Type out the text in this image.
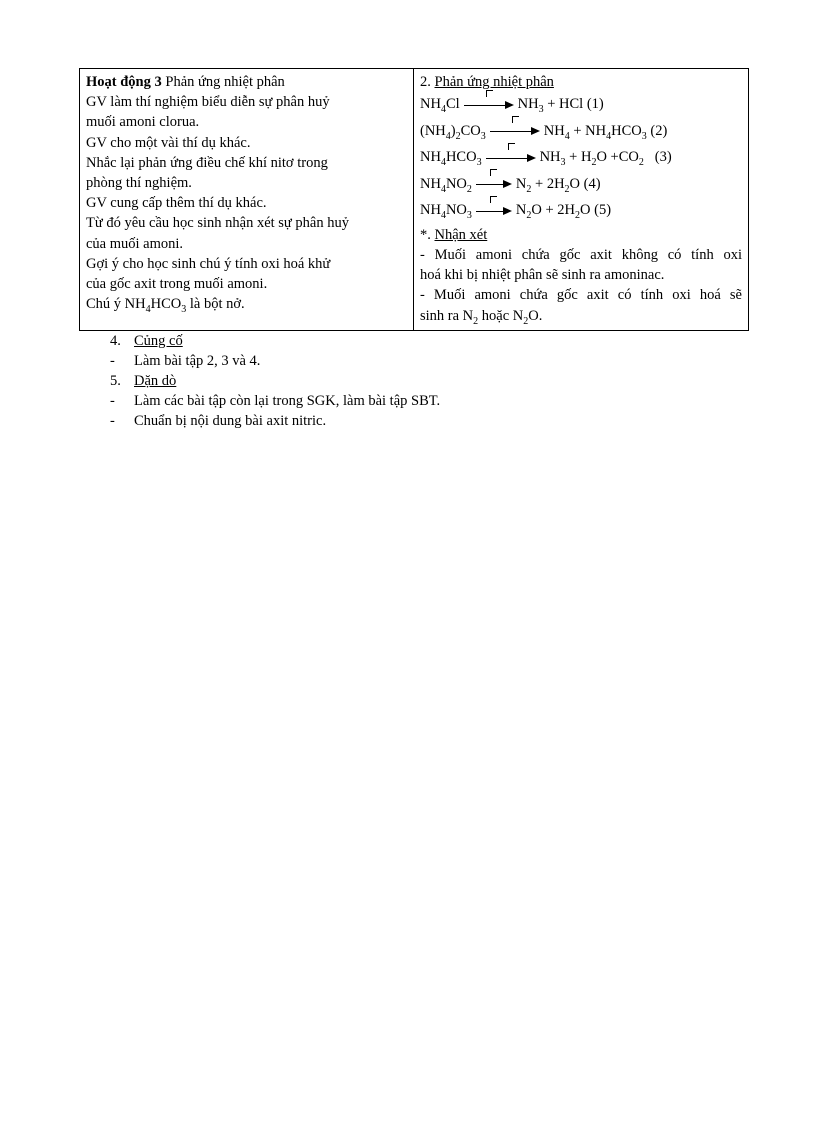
Hoạt động 3 Phản ứng nhiệt phân
GV làm thí nghiệm biểu diễn sự phân huỷ
muối amoni clorua.
GV cho một vài thí dụ khác.
Nhắc lại phản ứng điều chế khí nitơ trong
phòng thí nghiệm.
GV cung cấp thêm thí dụ khác.
Từ đó yêu cầu học sinh nhận xét sự phân huỷ
của muối amoni.
Gợi ý cho học sinh chú ý tính oxi hoá khử
của gốc axit trong muối amoni.
Chú ý $NH_4HCO_3$ là bột nở.
2. Phản ứng nhiệt phân
$NH_4Cl$	$NH_3$ + HCl (1)
$(NH_4)_2CO_3$	$NH_4 + NH_4HCO_3$ (2)
$NH_4HCO_3$	$NH_3 + H_2O +CO_2$   (3)
$NH_4NO_2$	$N_2 + 2H_2O$ (4)
$NH_4NO_3$	$N_2O + 2H_2O$ (5)
*. Nhận xét
- Muối amoni chứa gốc axit không có tính oxi
hoá khi bị nhiệt phân sẽ sinh ra amoninac.
- Muối amoni chứa gốc axit có tính oxi hoá sẽ
sinh ra $N_2$ hoặc $N_2O$.
4. Củng cố
- Làm bài tập 2, 3 và 4.
5. Dặn dò
- Làm các bài tập còn lại trong SGK, làm bài tập SBT.
- Chuẩn bị nội dung bài axit nitric.
